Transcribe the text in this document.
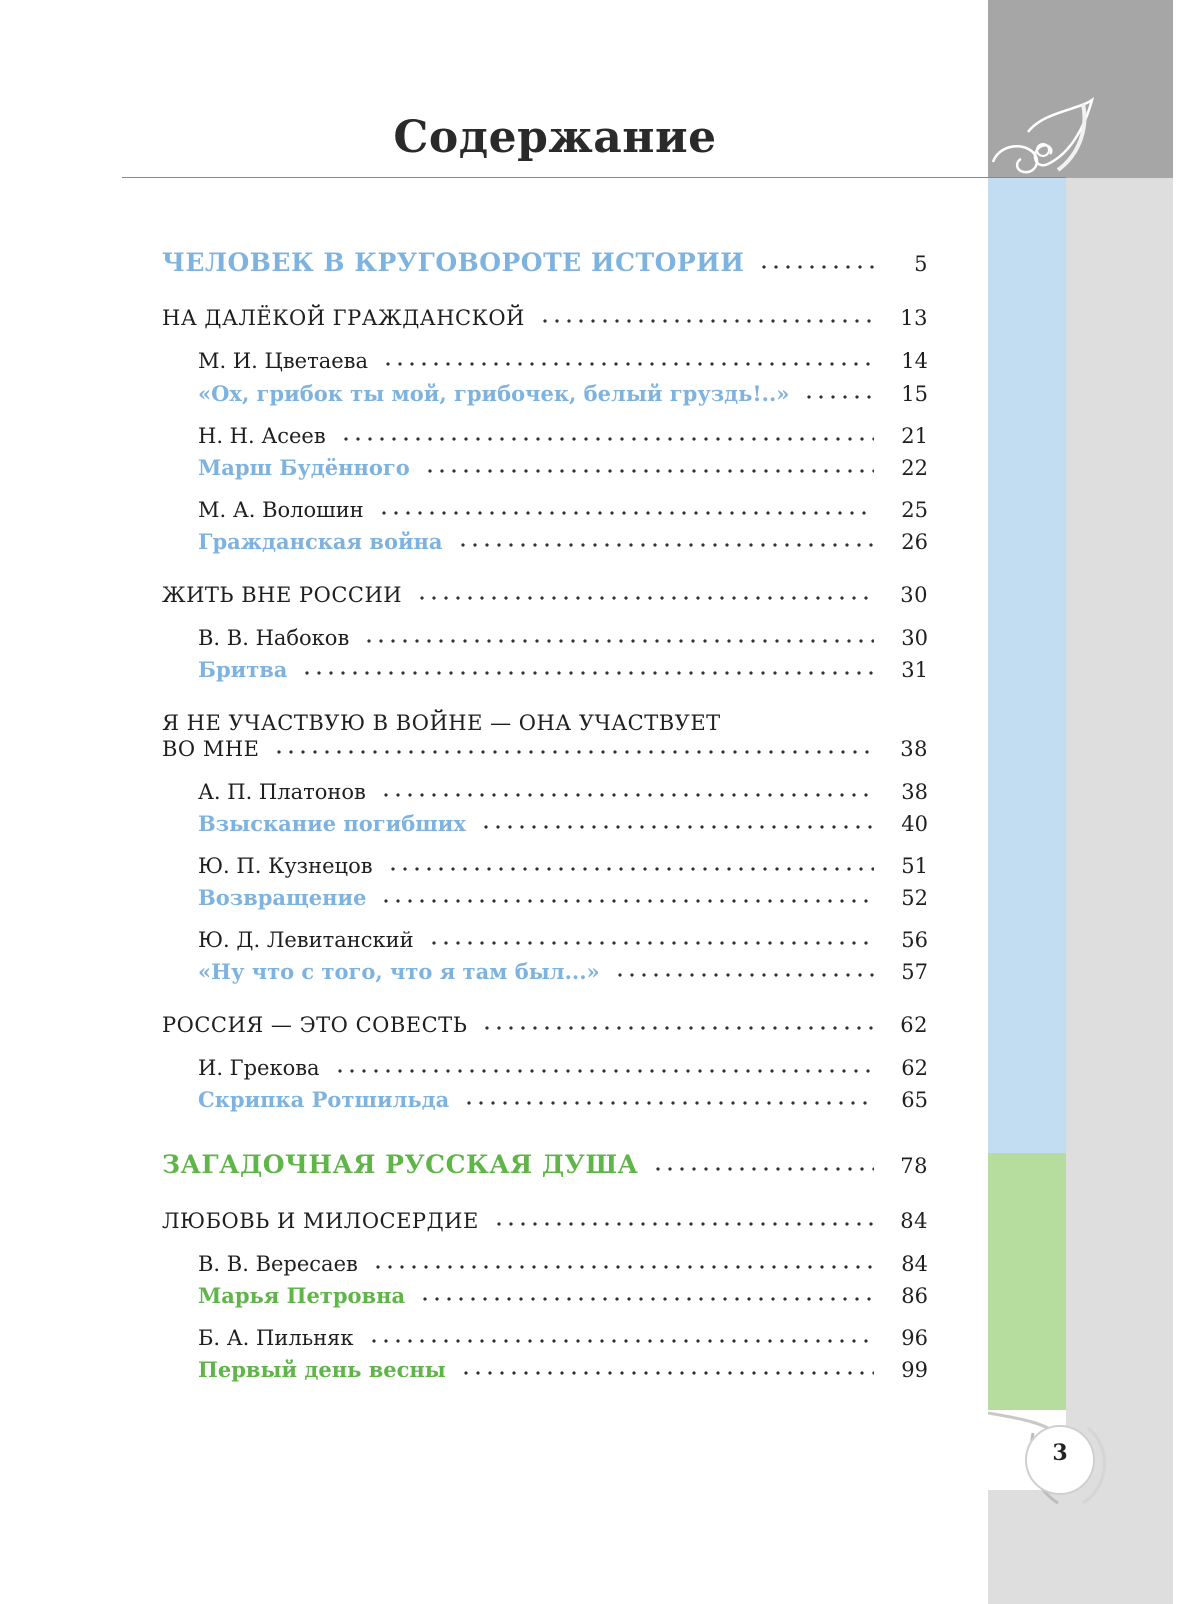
3
Содержание
ЧЕЛОВЕК В КРУГОВОРОТЕ ИСТОРИИ	5
НА ДАЛЁКОЙ ГРАЖДАНСКОЙ	13
М. И. Цветаева	14
«Ох, грибок ты мой, грибочек, белый груздь!..»	15
Н. Н. Асеев	21
Марш Будённого	22
М. А. Волошин	25
Гражданская война	26
ЖИТЬ ВНЕ РОССИИ	30
В. В. Набоков	30
Бритва	31
Я НЕ УЧАСТВУЮ В ВОЙНЕ — ОНА УЧАСТВУЕТ
ВО МНЕ	38
А. П. Платонов	38
Взыскание погибших	40
Ю. П. Кузнецов	51
Возвращение	52
Ю. Д. Левитанский	56
«Ну что с того, что я там был...»	57
РОССИЯ — ЭТО СОВЕСТЬ	62
И. Грекова	62
Скрипка Ротшильда	65
ЗАГАДОЧНАЯ РУССКАЯ ДУША	78
ЛЮБОВЬ И МИЛОСЕРДИЕ	84
В. В. Вересаев	84
Марья Петровна	86
Б. А. Пильняк	96
Первый день весны	99
